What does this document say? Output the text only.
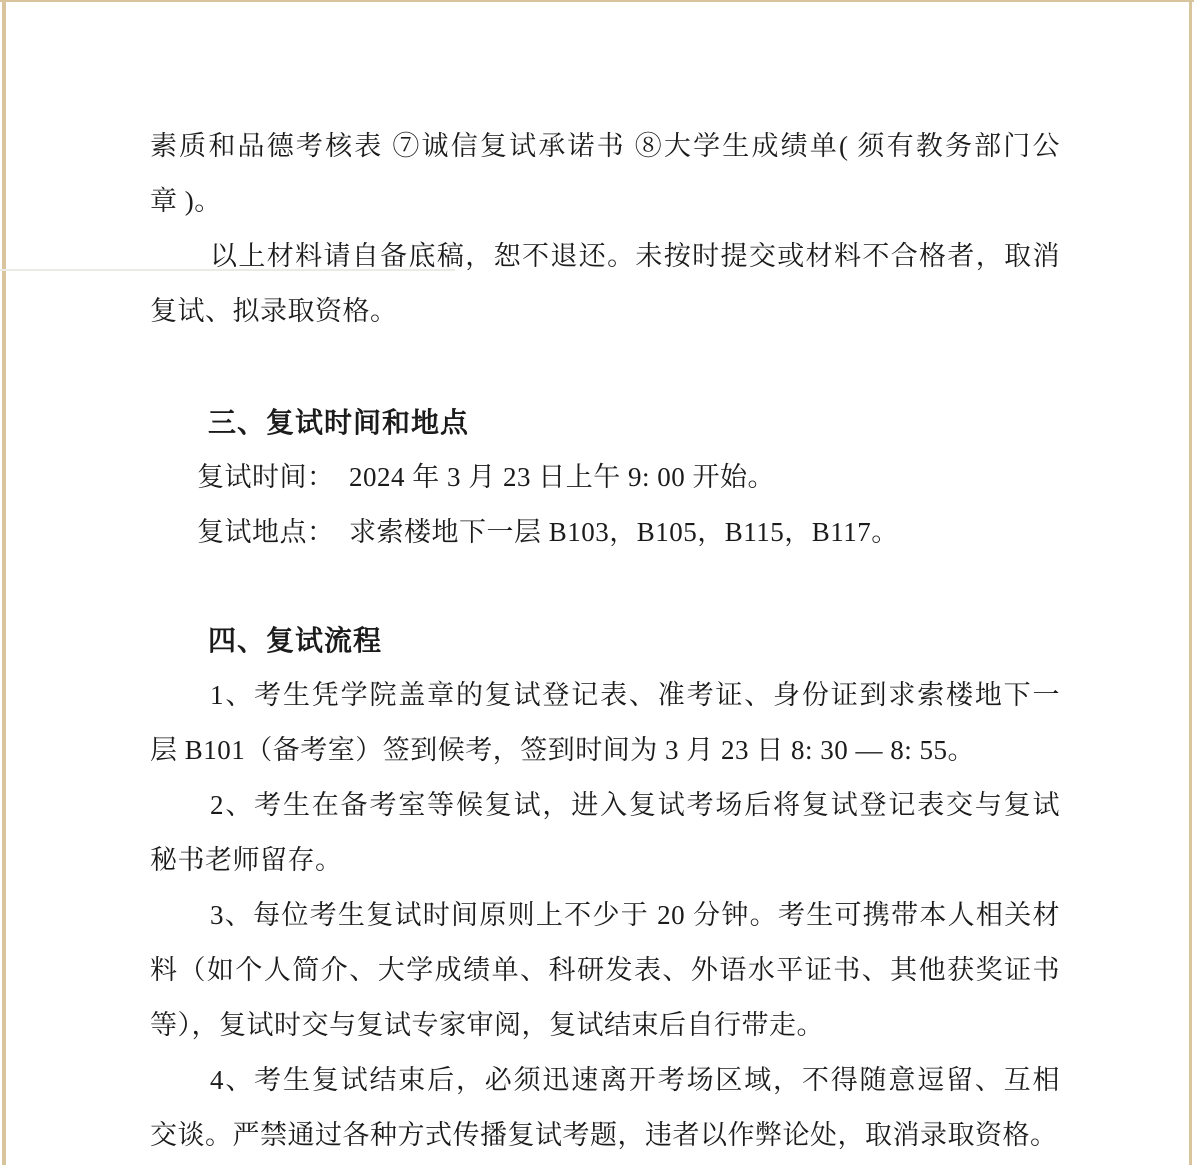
素质和品德考核表 ⑦诚信复试承诺书 ⑧大学生成绩单( 须有教务部门公
章 )。
以上材料请自备底稿，恕不退还。未按时提交或材料不合格者，取消
复试、拟录取资格。
三、复试时间和地点
复试时间：  2024 年 3 月 23 日上午 9: 00 开始。
复试地点：  求索楼地下一层 B103，B105，B115，B117。
四、复试流程
1、考生凭学院盖章的复试登记表、准考证、身份证到求索楼地下一
层 B101（备考室）签到候考，签到时间为 3 月 23 日 8: 30 — 8: 55。
2、考生在备考室等候复试，进入复试考场后将复试登记表交与复试
秘书老师留存。
3、每位考生复试时间原则上不少于 20 分钟。考生可携带本人相关材
料（如个人简介、大学成绩单、科研发表、外语水平证书、其他获奖证书
等），复试时交与复试专家审阅，复试结束后自行带走。
4、考生复试结束后，必须迅速离开考场区域，不得随意逗留、互相
交谈。严禁通过各种方式传播复试考题，违者以作弊论处，取消录取资格。
